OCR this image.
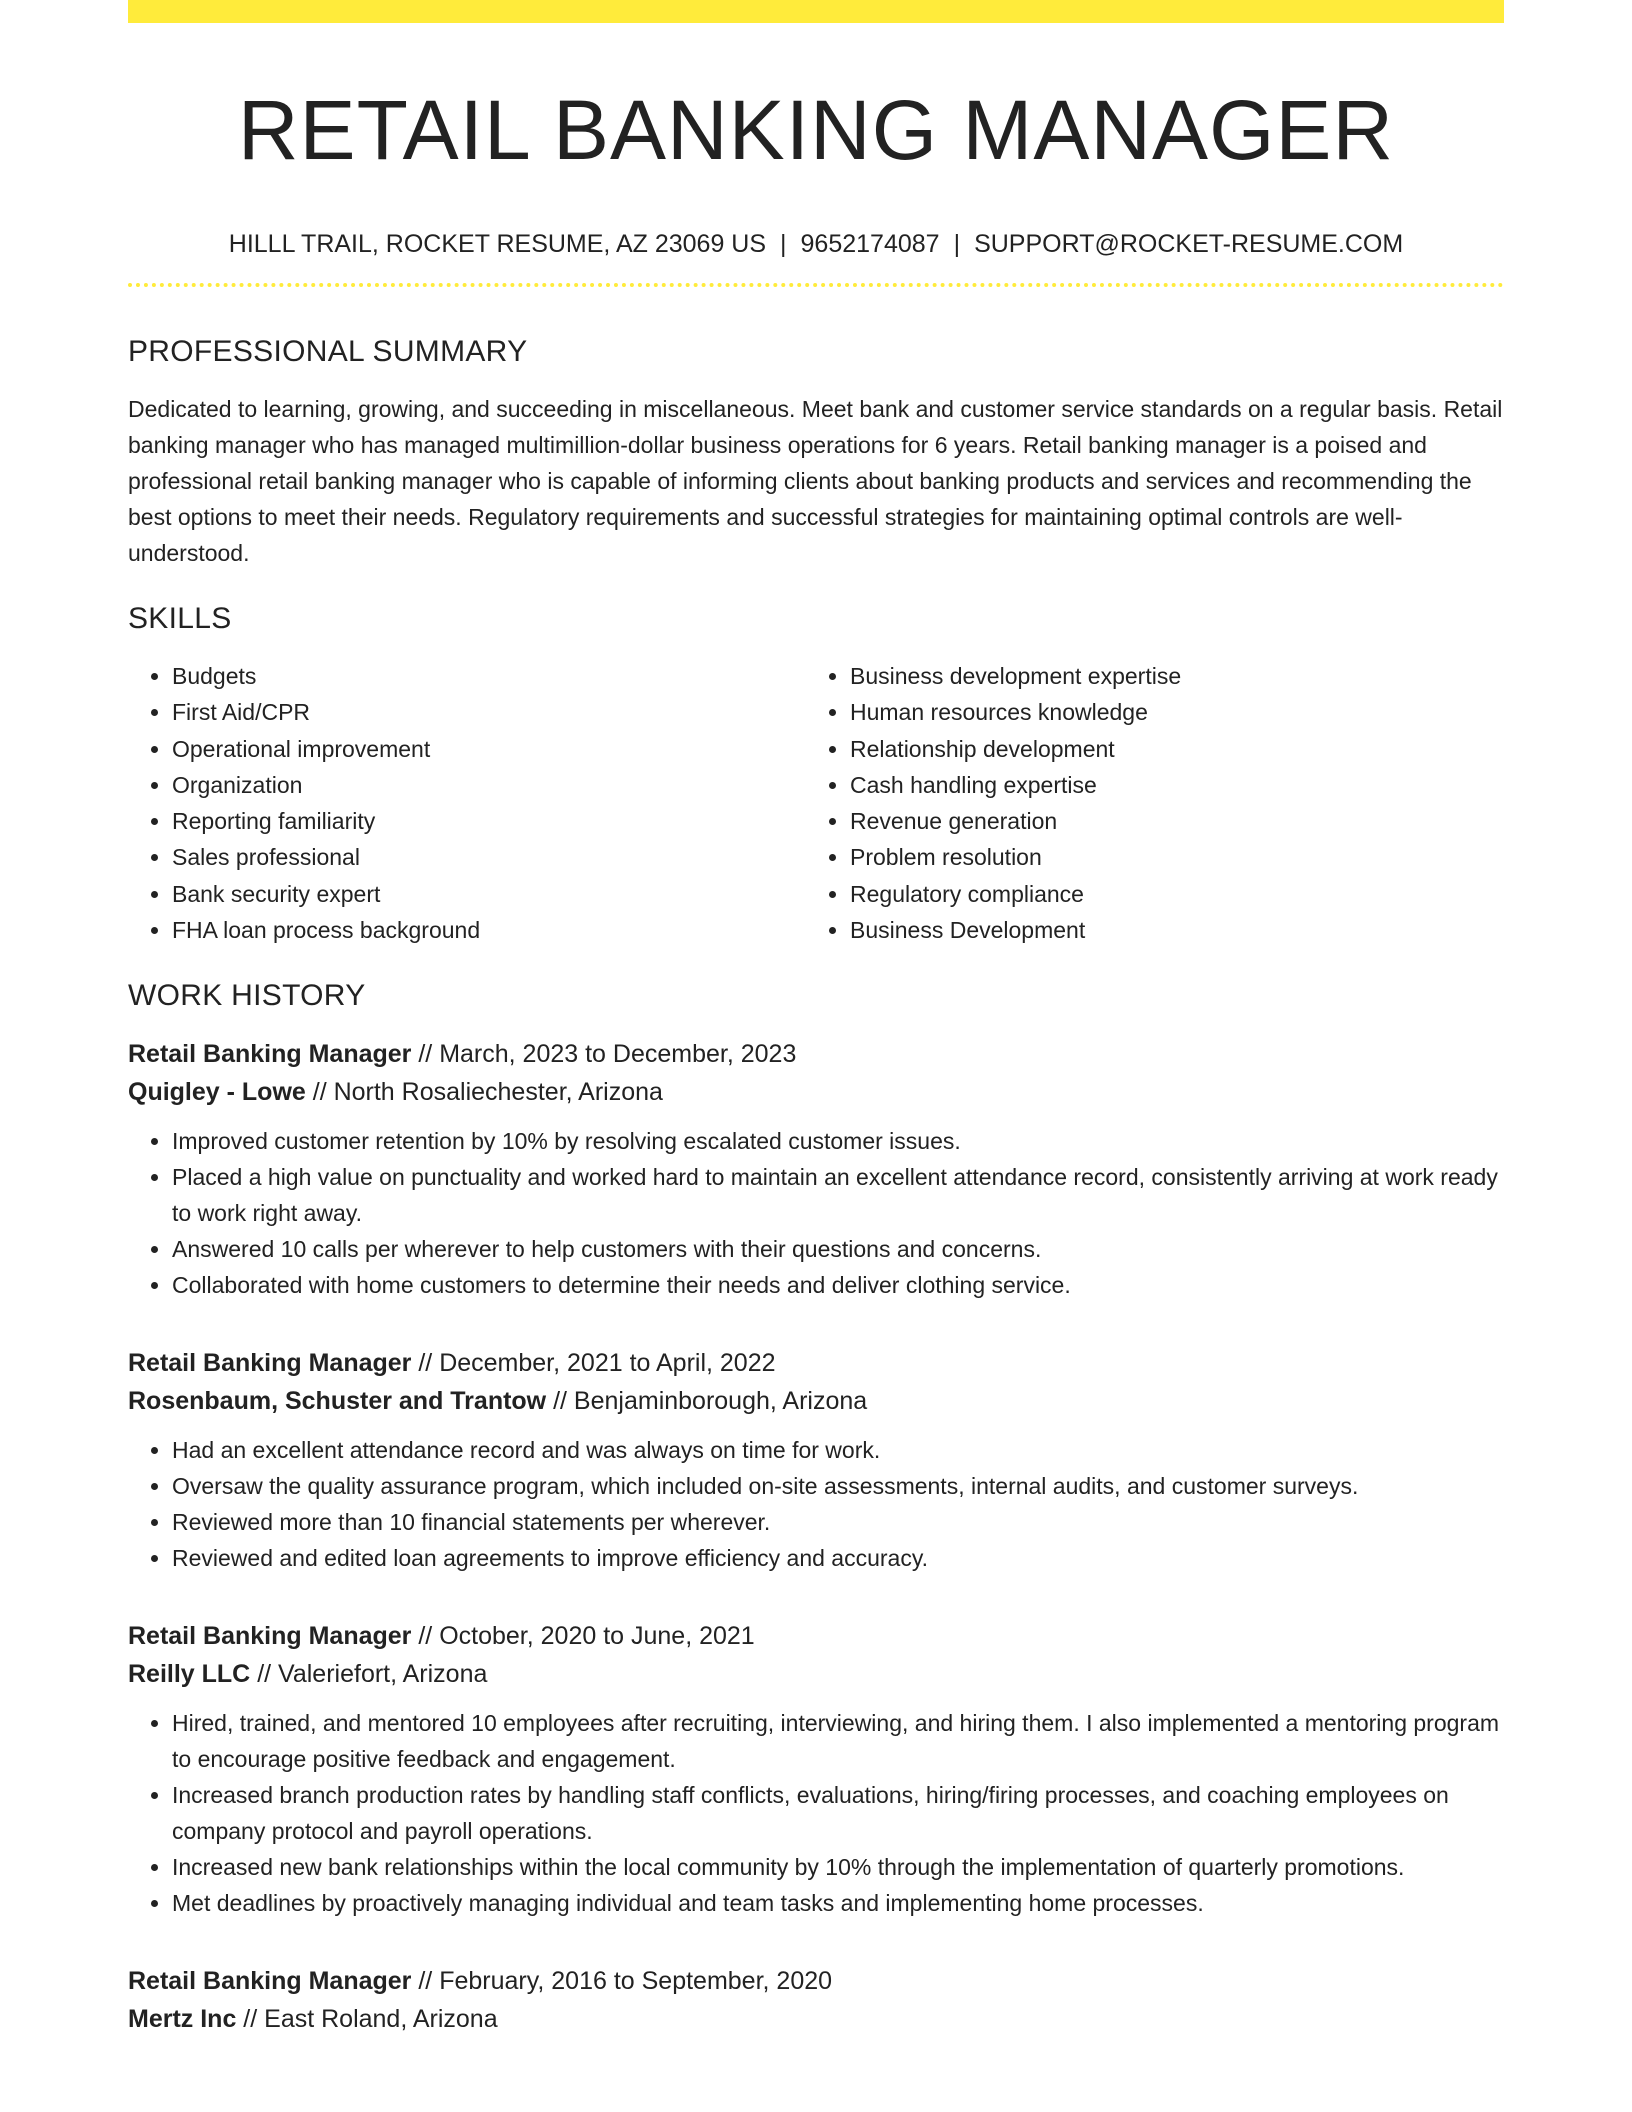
RETAIL BANKING MANAGER
HILLL TRAIL, ROCKET RESUME, AZ 23069 US | 9652174087 | SUPPORT@ROCKET-RESUME.COM
PROFESSIONAL SUMMARY
Dedicated to learning, growing, and succeeding in miscellaneous. Meet bank and customer service standards on a regular basis. Retail banking manager who has managed multimillion-dollar business operations for 6 years. Retail banking manager is a poised and professional retail banking manager who is capable of informing clients about banking products and services and recommending the best options to meet their needs. Regulatory requirements and successful strategies for maintaining optimal controls are well-understood.
SKILLS
• Budgets
• First Aid/CPR
• Operational improvement
• Organization
• Reporting familiarity
• Sales professional
• Bank security expert
• FHA loan process background
• Business development expertise
• Human resources knowledge
• Relationship development
• Cash handling expertise
• Revenue generation
• Problem resolution
• Regulatory compliance
• Business Development
WORK HISTORY
Retail Banking Manager // March, 2023 to December, 2023
Quigley - Lowe // North Rosaliechester, Arizona
• Improved customer retention by 10% by resolving escalated customer issues.
• Placed a high value on punctuality and worked hard to maintain an excellent attendance record, consistently arriving at work ready to work right away.
• Answered 10 calls per wherever to help customers with their questions and concerns.
• Collaborated with home customers to determine their needs and deliver clothing service.
Retail Banking Manager // December, 2021 to April, 2022
Rosenbaum, Schuster and Trantow // Benjaminborough, Arizona
• Had an excellent attendance record and was always on time for work.
• Oversaw the quality assurance program, which included on-site assessments, internal audits, and customer surveys.
• Reviewed more than 10 financial statements per wherever.
• Reviewed and edited loan agreements to improve efficiency and accuracy.
Retail Banking Manager // October, 2020 to June, 2021
Reilly LLC // Valeriefort, Arizona
• Hired, trained, and mentored 10 employees after recruiting, interviewing, and hiring them. I also implemented a mentoring program to encourage positive feedback and engagement.
• Increased branch production rates by handling staff conflicts, evaluations, hiring/firing processes, and coaching employees on company protocol and payroll operations.
• Increased new bank relationships within the local community by 10% through the implementation of quarterly promotions.
• Met deadlines by proactively managing individual and team tasks and implementing home processes.
Retail Banking Manager // February, 2016 to September, 2020
Mertz Inc // East Roland, Arizona
